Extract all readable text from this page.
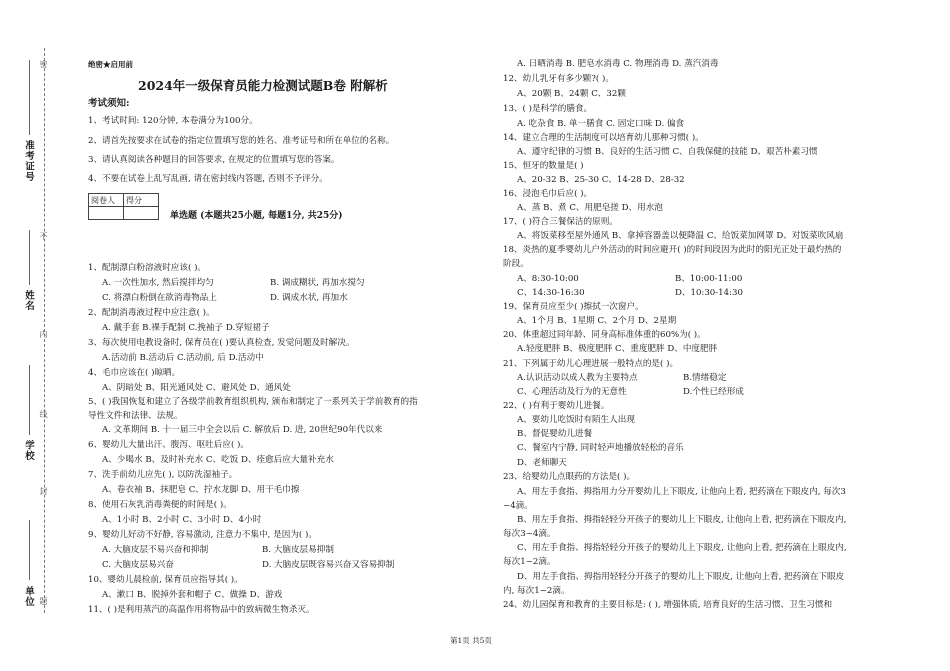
密
不
内
线
封
题
准考证号
姓名
学校
单位
绝密★启用前
2024年一级保育员能力检测试题B卷 附解析
考试须知:
1、考试时间: 120分钟, 本卷满分为100分。
2、请首先按要求在试卷的指定位置填写您的姓名、准考证号和所在单位的名称。
3、请认真阅读各种题目的回答要求, 在规定的位置填写您的答案。
4、不要在试卷上乱写乱画, 请在密封线内答题, 否则不予评分。
阅卷人	得分

单选题 (本题共25小题, 每题1分, 共25分)
1、配制漂白粉溶液时应该( )。
A. 一次性加水, 然后搅拌均匀	B. 调成糊状, 再加水搅匀
C. 将漂白粉倒在欲消毒物品上	D. 调成水状, 再加水
2、配制消毒液过程中应注意( )。
A. 戴手套 B.裸手配制 C.挽袖子 D.穿短裙子
3、每次使用电教设备时, 保育员在( )要认真检查, 发觉问题及时解决。
A.活动前 B.活动后 C.活动前, 后 D.活动中
4、毛巾应该在( )晾晒。
A、阴暗处 B、阳光通风处 C、避风处 D、通风处
5、( )我国恢复和建立了各级学前教育组织机构, 颁布和制定了一系列关于学前教育的指
导性文件和法律、法规。
A. 文革期间 B. 十一届三中全会以后 C. 解放后 D. 进, 20世纪90年代以来
6、婴幼儿大量出汗、腹泻、呕吐后应( )。
A、少喝水 B、及时补充水 C、吃饭 D、痊愈后应大量补充水
7、洗手前幼儿应先( ), 以防洗湿袖子。
A、卷衣袖 B、抹肥皂 C、拧水龙脚 D、用干毛巾擦
8、使用石灰乳消毒粪便的时间是( )。
A、1小时 B、2小时 C、3小时 D、4小时
9、婴幼儿好动不好静, 容易激动, 注意力不集中, 是因为( )。
A. 大脑皮层不易兴奋和抑制	B. 大脑皮层易抑制
C. 大脑皮层易兴奋	D. 大脑皮层既容易兴奋又容易抑制
10、婴幼儿晨检前, 保育员应指导其( )。
A、漱口 B、脱掉外套和帽子 C、做操 D、游戏
11、( )是利用蒸汽的高温作用将物品中的致病微生物杀灭。
A. 日晒消毒 B. 肥皂水消毒 C. 物理消毒 D. 蒸汽消毒
12、幼儿乳牙有多少颗?( )。
A、20颗 B、24颗 C、32颗
13、( )是科学的膳食。
A. 吃杂食 B. 单一膳食 C. 固定口味 D. 偏食
14、建立合理的生活制度可以培育幼儿那种习惯( )。
A、遵守纪律的习惯 B、良好的生活习惯 C、自我保健的技能 D、艰苦朴素习惯
15、恒牙的数量是( )
A、20-32 B、25-30 C、14-28 D、28-32
16、浸泡毛巾后应( )。
A、蒸 B、煮 C、用肥皂搓 D、用水泡
17、( )符合三餐保洁的原则。
A、将饭菜移至屋外通风 B、拿掉容器盖以便降温 C、给饭菜加网罩 D、对饭菜吹风扇
18、炎热的夏季婴幼儿户外活动的时间应避开( )的时间段因为此时的阳光正处于最灼热的
阶段。
A、8:30-10:00	B、10:00-11:00
C、14:30-16:30	D、10:30-14:30
19、保育员应至少( )擦拭一次窗户。
A、1个月 B、1星期 C、2个月 D、2星期
20、体重超过同年龄、同身高标准体重的60%为( )。
A.轻度肥胖 B、极度肥胖 C、重度肥胖 D、中度肥胖
21、下列属于幼儿心理进展一般特点的是( )。
A.认识活动以成人教为主要特点	B.情绪稳定
C、心理活动及行为的无意性	D.个性已经形成
22、( )有利于婴幼儿进餐。
A、要幼儿吃饭时有陌生人出现
B、督促婴幼儿进餐
C、餐室内宁静, 同时轻声地播放轻松的音乐
D、老师聊天
23、给婴幼儿点眼药的方法是( )。
A、用左手食指、拇指用力分开婴幼儿上下眼皮, 让他向上看, 把药滴在下眼皮内, 每次3
~4滴。
B、用左手食指、拇指轻轻分开孩子的婴幼儿上下眼皮, 让他向上看, 把药滴在下眼皮内,
每次3~4滴。
C、用左手食指、拇指轻轻分开孩子的婴幼儿上下眼皮, 让他向上看, 把药滴在上眼皮内,
每次1~2滴。
D、用左手食指、拇指用轻轻分开孩子的婴幼儿上下眼皮, 让他向上看, 把药滴在下眼皮
内, 每次1~2滴。
24、幼儿园保育和教育的主要目标是: ( ), 增强体质, 培育良好的生活习惯、卫生习惯和
第1页 共5页
